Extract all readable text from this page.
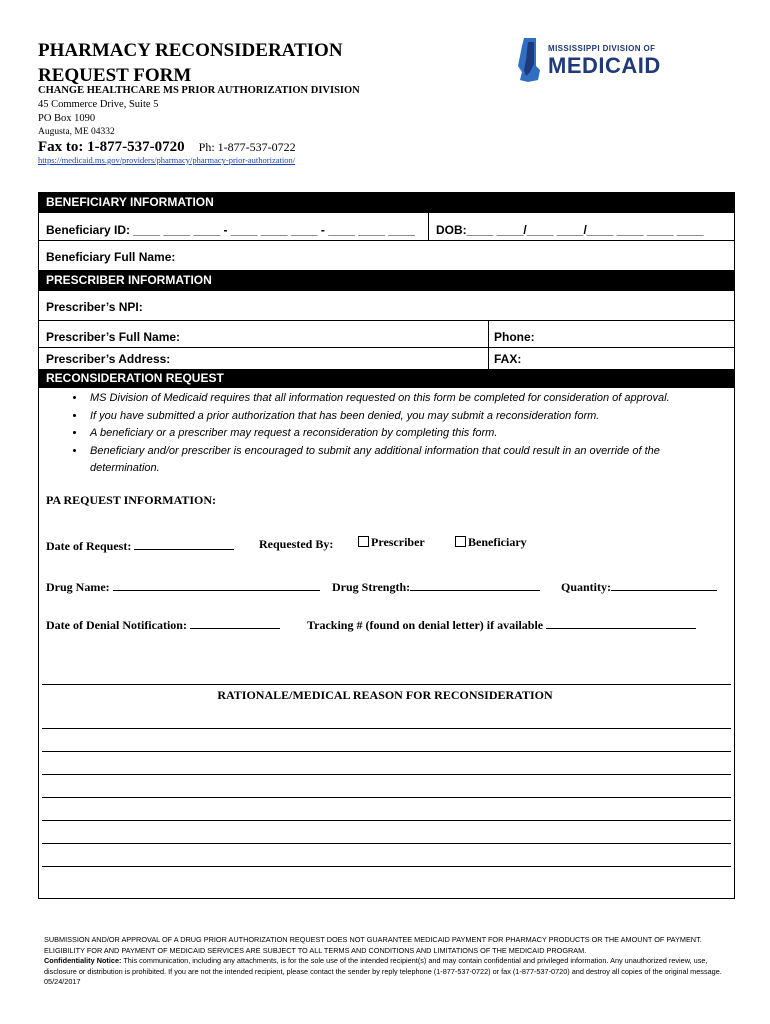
PHARMACY RECONSIDERATION
REQUEST FORM
CHANGE HEALTHCARE MS PRIOR AUTHORIZATION DIVISION
45 Commerce Drive, Suite 5
PO Box 1090
Augusta, ME 04332
Fax to: 1-877-537-0720 Ph: 1-877-537-0722
https://medicaid.ms.gov/providers/pharmacy/pharmacy-prior-authorization/
MISSISSIPPI DIVISION OF
MEDICAID
BENEFICIARY INFORMATION
Beneficiary ID: ____ ____ ____ - ____ ____ ____ - ____ ____ ____ DOB:____ ____/____ ____/____ ____ ____ ____
Beneficiary Full Name:
PRESCRIBER INFORMATION
Prescriber’s NPI:
Prescriber’s Full Name:	Phone:
Prescriber’s Address:	FAX:
RECONSIDERATION REQUEST
• MS Division of Medicaid requires that all information requested on this form be completed for consideration of approval.
• If you have submitted a prior authorization that has been denied, you may submit a reconsideration form.
• A beneficiary or a prescriber may request a reconsideration by completing this form.
• Beneficiary and/or prescriber is encouraged to submit any additional information that could result in an override of the determination.
PA REQUEST INFORMATION:
Date of Request:	Requested By:	Prescriber	Beneficiary
Drug Name:	Drug Strength:	Quantity:
Date of Denial Notification:	Tracking # (found on denial letter) if available
RATIONALE/MEDICAL REASON FOR RECONSIDERATION

SUBMISSION AND/OR APPROVAL OF A DRUG PRIOR AUTHORIZATION REQUEST DOES NOT GUARANTEE MEDICAID PAYMENT FOR PHARMACY PRODUCTS OR THE AMOUNT OF PAYMENT.

ELIGIBILITY FOR AND PAYMENT OF MEDICAID SERVICES ARE SUBJECT TO ALL TERMS AND CONDITIONS AND LIMITATIONS OF THE MEDICAID PROGRAM.

Confidentiality Notice: This communication, including any attachments, is for the sole use of the intended recipient(s) and may contain confidential and privileged information. Any unauthorized review, use, disclosure or distribution is prohibited. If you are not the intended recipient, please contact the sender by reply telephone (1-877-537-0722) or fax (1-877-537-0720) and destroy all copies of the original message.

05/24/2017
